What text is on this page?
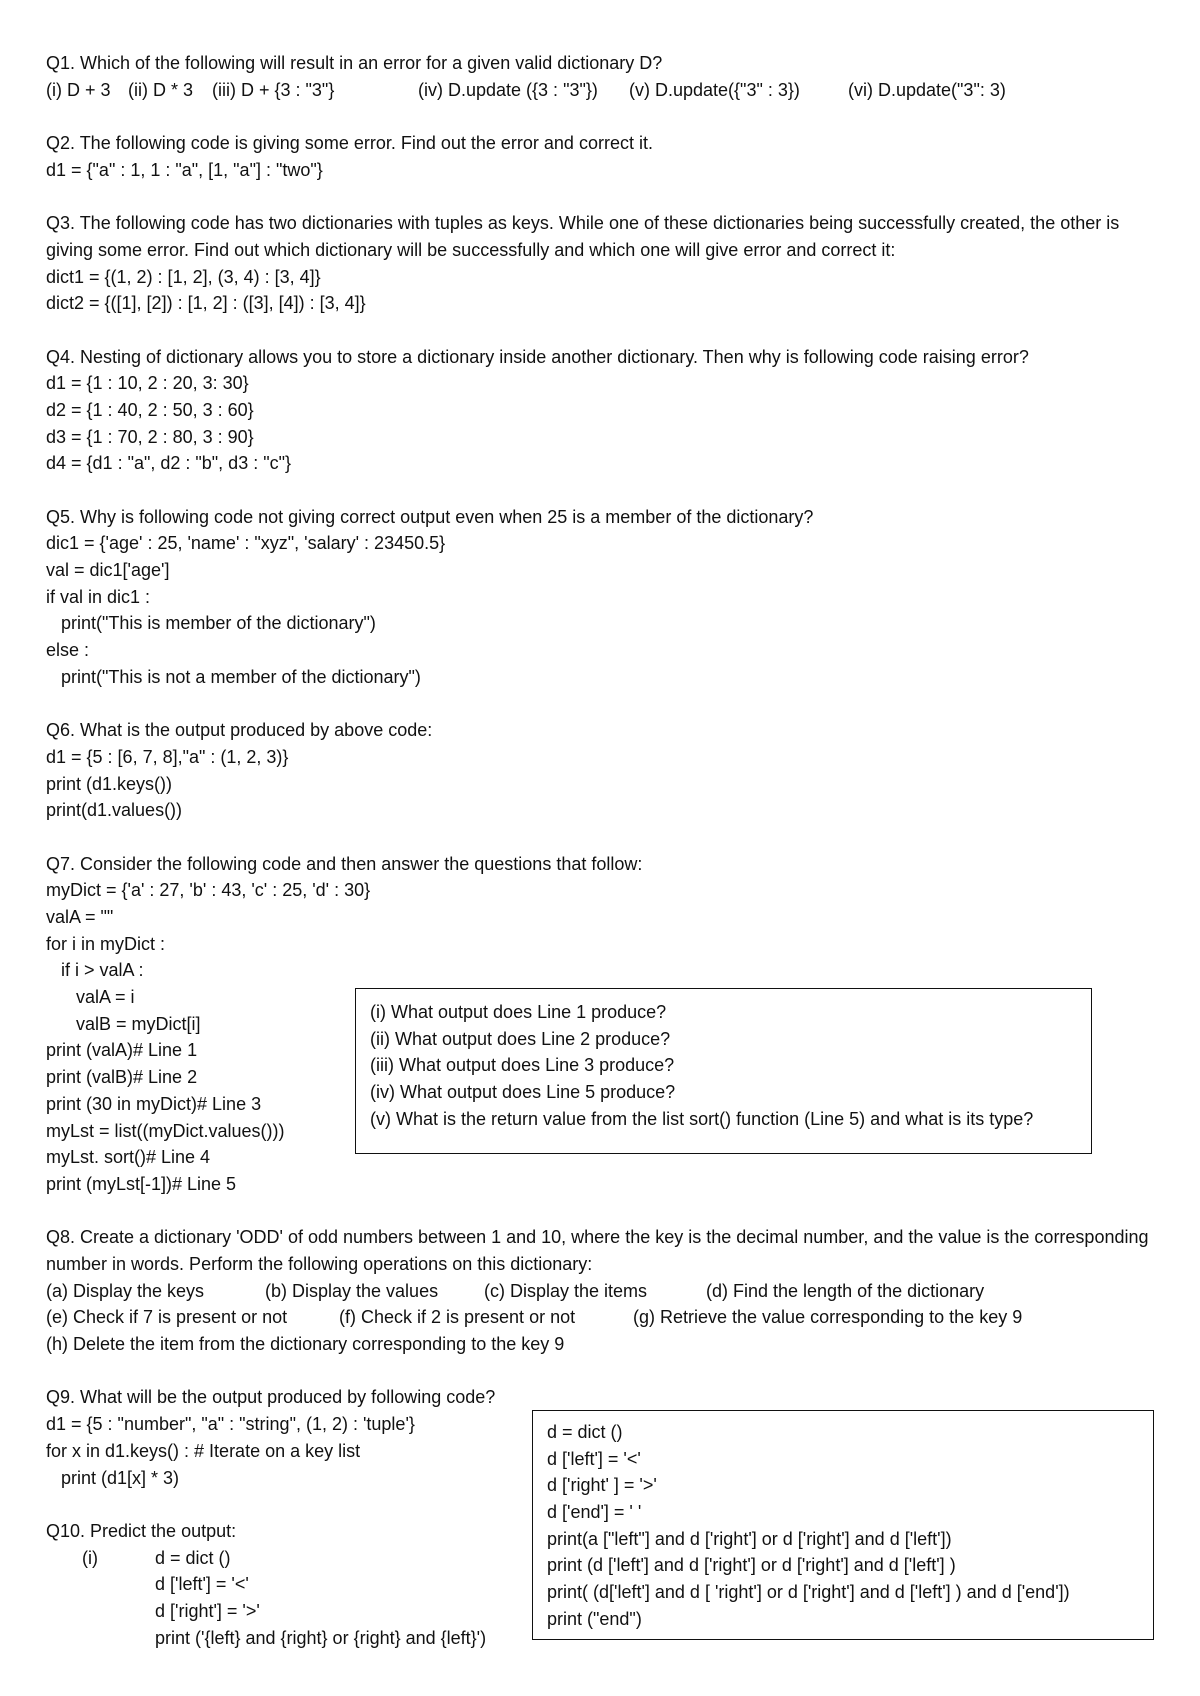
Q1. Which of the following will result in an error for a given valid dictionary D?
(i) D + 3 (ii) D * 3	(iii) D + {3 : "3"}	(iv) D.update ({3 : "3"})	(v) D.update({"3" : 3})	(vi) D.update("3": 3)
Q2. The following code is giving some error. Find out the error and correct it.
d1 = {"a" : 1, 1 : "a", [1, "a"] : "two"}
Q3. The following code has two dictionaries with tuples as keys. While one of these dictionaries being successfully created, the other is giving some error. Find out which dictionary will be successfully and which one will give error and correct it:
dict1 = {(1, 2) : [1, 2], (3, 4) : [3, 4]}
dict2 = {([1], [2]) : [1, 2] : ([3], [4]) : [3, 4]}
Q4. Nesting of dictionary allows you to store a dictionary inside another dictionary. Then why is following code raising error?
d1 = {1 : 10, 2 : 20, 3: 30}
d2 = {1 : 40, 2 : 50, 3 : 60}
d3 = {1 : 70, 2 : 80, 3 : 90}
d4 = {d1 : "a", d2 : "b", d3 : "c"}
Q5. Why is following code not giving correct output even when 25 is a member of the dictionary?
dic1 = {'age' : 25, 'name' : "xyz", 'salary' : 23450.5}
val = dic1['age']
if val in dic1 :
print("This is member of the dictionary")
else :
print("This is not a member of the dictionary")
Q6. What is the output produced by above code:
d1 = {5 : [6, 7, 8],"a" : (1, 2, 3)}
print (d1.keys())
print(d1.values())
Q7. Consider the following code and then answer the questions that follow:
myDict = {'a' : 27, 'b' : 43, 'c' : 25, 'd' : 30}
valA = ""
for i in myDict :
if i > valA :
valA = i
valB = myDict[i]
print (valA)# Line 1
print (valB)# Line 2
print (30 in myDict)# Line 3
myLst = list((myDict.values()))
myLst. sort()# Line 4
print (myLst[-1])# Line 5
Q8. Create a dictionary 'ODD' of odd numbers between 1 and 10, where the key is the decimal number, and the value is the corresponding number in words. Perform the following operations on this dictionary:
(a) Display the keys	(b) Display the values	(c) Display the items	(d) Find the length of the dictionary
(e) Check if 7 is present or not	(f) Check if 2 is present or not	(g) Retrieve the value corresponding to the key 9
(h) Delete the item from the dictionary corresponding to the key 9
Q9. What will be the output produced by following code?
d1 = {5 : "number", "a" : "string", (1, 2) : 'tuple'}
for x in d1.keys() : # Iterate on a key list
print (d1[x] * 3)
Q10. Predict the output:
(i)	d = dict ()
d ['left'] = '<'
d ['right'] = '>'
print ('{left} and {right} or {right} and {left}')
(i) What output does Line 1 produce?
(ii) What output does Line 2 produce?
(iii) What output does Line 3 produce?
(iv) What output does Line 5 produce?
(v) What is the return value from the list sort() function (Line 5) and what is its type?
d = dict ()
d ['left'] = '<'
d ['right' ] = '>'
d ['end'] = ' '
print(a ["left"] and d ['right'] or d ['right'] and d ['left'])
print (d ['left'] and d ['right'] or d ['right'] and d ['left'] )
print( (d['left'] and d [ 'right'] or d ['right'] and d ['left'] ) and d ['end'])
print ("end")
